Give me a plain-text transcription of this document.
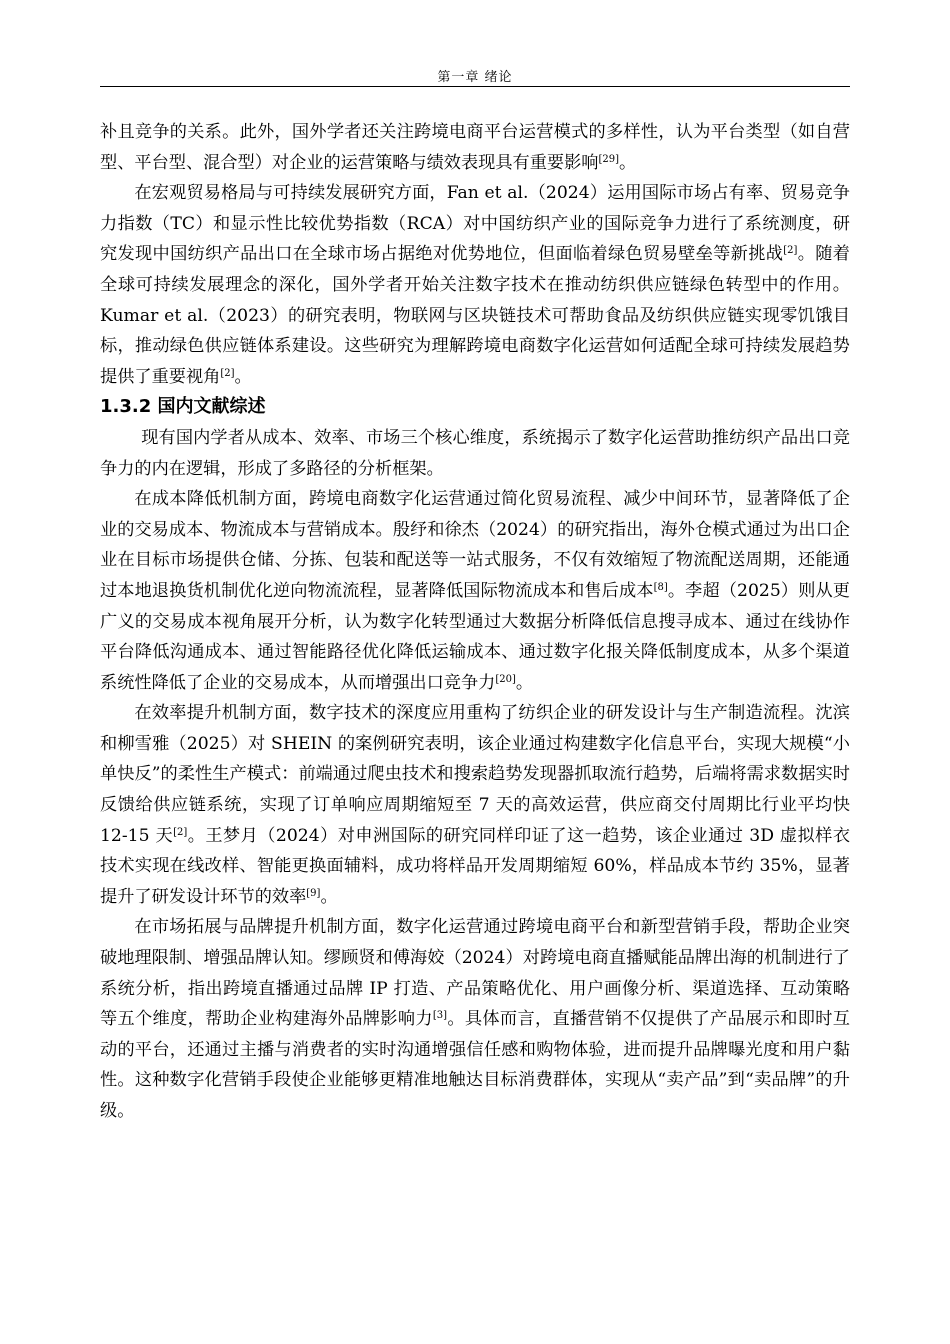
第一章 绪论

补且竞争的关系。此外，国外学者还关注跨境电商平台运营模式的多样性，认为平台类型（如自营型、平台型、混合型）对企业的运营策略与绩效表现具有重要影响[29]。

在宏观贸易格局与可持续发展研究方面，Fan et al.（2024）运用国际市场占有率、贸易竞争力指数（TC）和显示性比较优势指数（RCA）对中国纺织产业的国际竞争力进行了系统测度，研究发现中国纺织产品出口在全球市场占据绝对优势地位，但面临着绿色贸易壁垒等新挑战[2]。随着全球可持续发展理念的深化，国外学者开始关注数字技术在推动纺织供应链绿色转型中的作用。Kumar et al.（2023）的研究表明，物联网与区块链技术可帮助食品及纺织供应链实现零饥饿目标，推动绿色供应链体系建设。这些研究为理解跨境电商数字化运营如何适配全球可持续发展趋势提供了重要视角[2]。

1.3.2 国内文献综述

现有国内学者从成本、效率、市场三个核心维度，系统揭示了数字化运营助推纺织产品出口竞争力的内在逻辑，形成了多路径的分析框架。

在成本降低机制方面，跨境电商数字化运营通过简化贸易流程、减少中间环节，显著降低了企业的交易成本、物流成本与营销成本。殷纾和徐杰（2024）的研究指出，海外仓模式通过为出口企业在目标市场提供仓储、分拣、包装和配送等一站式服务，不仅有效缩短了物流配送周期，还能通过本地退换货机制优化逆向物流流程，显著降低国际物流成本和售后成本[8]。李超（2025）则从更广义的交易成本视角展开分析，认为数字化转型通过大数据分析降低信息搜寻成本、通过在线协作平台降低沟通成本、通过智能路径优化降低运输成本、通过数字化报关降低制度成本，从多个渠道系统性降低了企业的交易成本，从而增强出口竞争力[20]。

在效率提升机制方面，数字技术的深度应用重构了纺织企业的研发设计与生产制造流程。沈滨和柳雪雅（2025）对 SHEIN 的案例研究表明，该企业通过构建数字化信息平台，实现大规模“小单快反”的柔性生产模式：前端通过爬虫技术和搜索趋势发现器抓取流行趋势，后端将需求数据实时反馈给供应链系统，实现了订单响应周期缩短至 7 天的高效运营，供应商交付周期比行业平均快 12-15 天[2]。王梦月（2024）对申洲国际的研究同样印证了这一趋势，该企业通过 3D 虚拟样衣技术实现在线改样、智能更换面辅料，成功将样品开发周期缩短 60%，样品成本节约 35%，显著提升了研发设计环节的效率[9]。

在市场拓展与品牌提升机制方面，数字化运营通过跨境电商平台和新型营销手段，帮助企业突破地理限制、增强品牌认知。缪顾贤和傅海姣（2024）对跨境电商直播赋能品牌出海的机制进行了系统分析，指出跨境直播通过品牌 IP 打造、产品策略优化、用户画像分析、渠道选择、互动策略等五个维度，帮助企业构建海外品牌影响力[3]。具体而言，直播营销不仅提供了产品展示和即时互动的平台，还通过主播与消费者的实时沟通增强信任感和购物体验，进而提升品牌曝光度和用户黏性。这种数字化营销手段使企业能够更精准地触达目标消费群体，实现从“卖产品”到“卖品牌”的升级。
